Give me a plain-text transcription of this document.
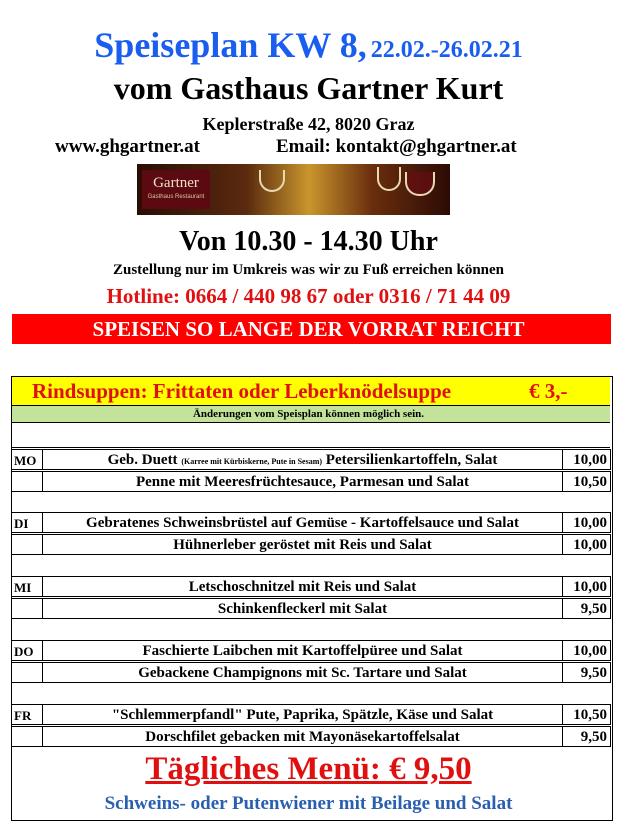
Speiseplan KW 8, 22.02.-26.02.21
vom Gasthaus Gartner Kurt
Keplerstraße 42, 8020 Graz
www.ghgartner.at	Email: kontakt@ghgartner.at
Gartner
Gasthaus Restaurant
Von 10.30 - 14.30 Uhr
Zustellung nur im Umkreis was wir zu Fuß erreichen können
Hotline: 0664 / 440 98 67 oder 0316 / 71 44 09
SPEISEN SO LANGE DER VORRAT REICHT
Rindsuppen: Frittaten oder Leberknödelsuppe	€ 3,-
Änderungen vom Speisplan können möglich sein.
MO	Geb. Duett (Karree mit Kürbiskerne, Pute in Sesam) Petersilienkartoffeln, Salat	10,00
Penne mit Meeresfrüchtesauce, Parmesan und Salat	10,50
DI	Gebratenes Schweinsbrüstel auf Gemüse - Kartoffelsauce und Salat	10,00
Hühnerleber geröstet mit Reis und Salat	10,00
MI	Letschoschnitzel mit Reis und Salat	10,00
Schinkenfleckerl mit Salat	9,50
DO	Faschierte Laibchen mit Kartoffelpüree und Salat	10,00
Gebackene Champignons mit Sc. Tartare und Salat	9,50
FR	"Schlemmerpfandl" Pute, Paprika, Spätzle, Käse und Salat	10,50
Dorschfilet gebacken mit Mayonäsekartoffelsalat	9,50
Tägliches Menü: € 9,50
Schweins- oder Putenwiener mit Beilage und Salat
